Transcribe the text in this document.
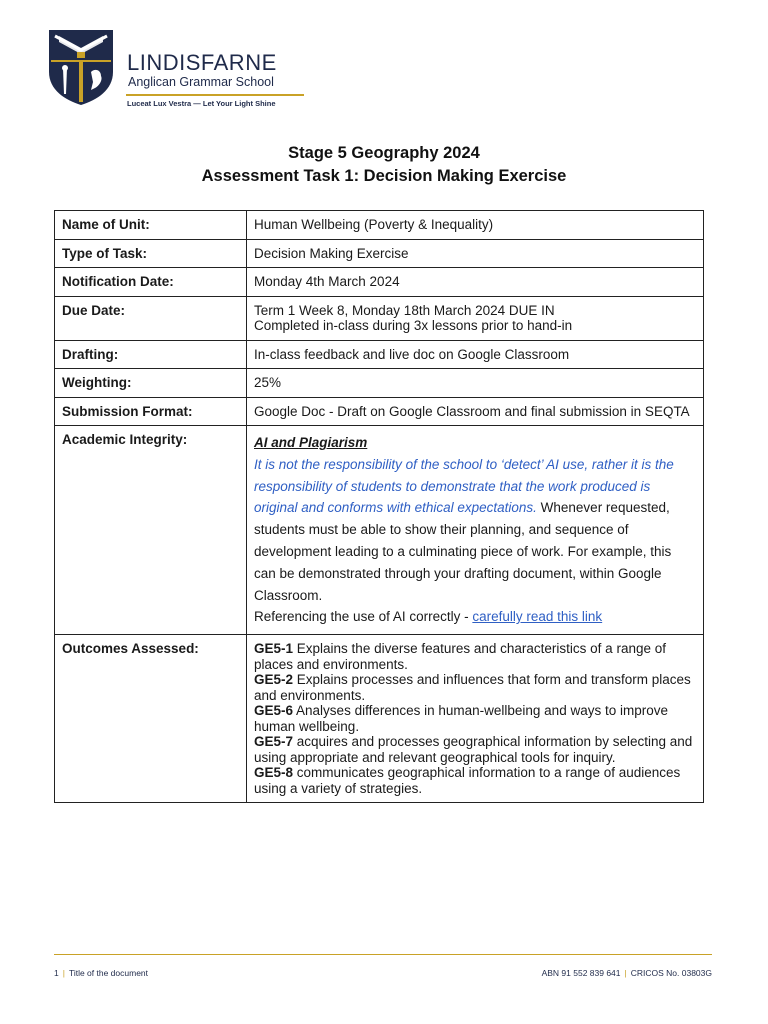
LINDISFARNE
Anglican Grammar School
Luceat Lux Vestra — Let Your Light Shine
Stage 5 Geography 2024
Assessment Task 1: Decision Making Exercise
Name of Unit:	Human Wellbeing (Poverty & Inequality)
Type of Task:	Decision Making Exercise
Notification Date:	Monday 4th March 2024
Due Date:	Term 1 Week 8, Monday 18th March 2024 DUE IN
Completed in-class during 3x lessons prior to hand-in

Drafting:	In-class feedback and live doc on Google Classroom
Weighting:	25%
Submission Format:	Google Doc - Draft on Google Classroom and final submission in SEQTA
Academic Integrity:	AI and Plagiarism
It is not the responsibility of the school to ‘detect’ AI use, rather it is the responsibility of students to demonstrate that the work produced is original and conforms with ethical expectations. Whenever requested, students must be able to show their planning, and sequence of development leading to a culminating piece of work. For example, this can be demonstrated through your drafting document, within Google Classroom.
Referencing the use of AI correctly - carefully read this link

Outcomes Assessed:	GE5-1 Explains the diverse features and characteristics of a range of places and environments.
GE5-2 Explains processes and influences that form and transform places and environments.
GE5-6 Analyses differences in human-wellbeing and ways to improve human wellbeing.
GE5-7 acquires and processes geographical information by selecting and using appropriate and relevant geographical tools for inquiry.
GE5-8 communicates geographical information to a range of audiences using a variety of strategies.
1 | Title of the document	ABN 91 552 839 641 | CRICOS No. 03803G
